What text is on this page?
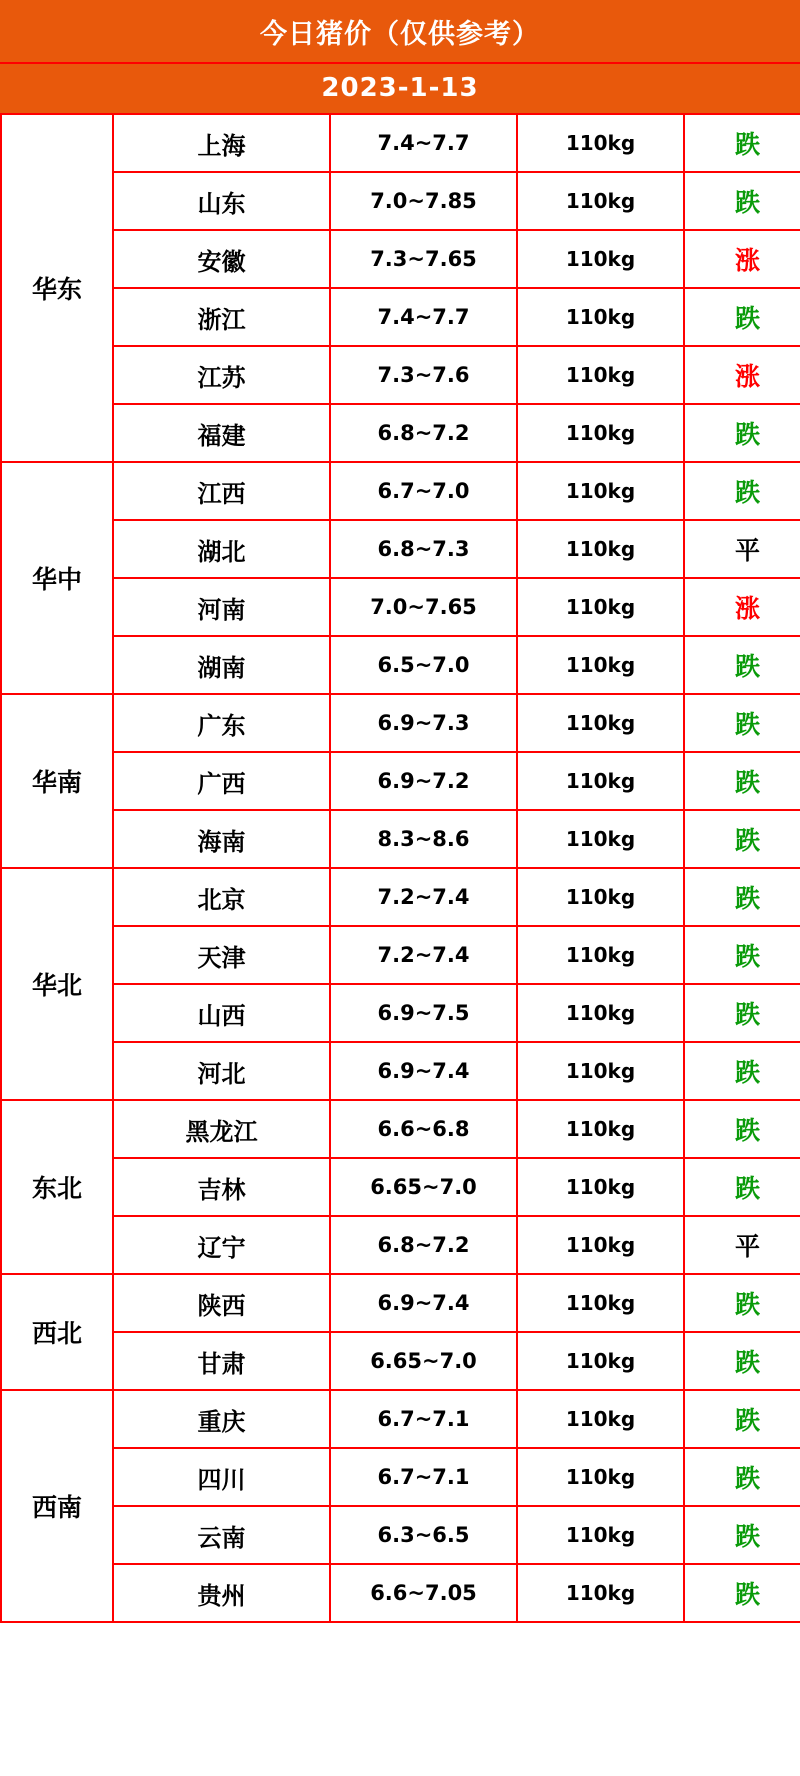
今日猪价（仅供参考）
2023-1-13
华东	上海	7.4~7.7	110kg	跌
	山东	7.0~7.85	110kg	跌
	安徽	7.3~7.65	110kg	涨
	浙江	7.4~7.7	110kg	跌
	江苏	7.3~7.6	110kg	涨
	福建	6.8~7.2	110kg	跌
华中	江西	6.7~7.0	110kg	跌
	湖北	6.8~7.3	110kg	平
	河南	7.0~7.65	110kg	涨
	湖南	6.5~7.0	110kg	跌
华南	广东	6.9~7.3	110kg	跌
	广西	6.9~7.2	110kg	跌
	海南	8.3~8.6	110kg	跌
华北	北京	7.2~7.4	110kg	跌
	天津	7.2~7.4	110kg	跌
	山西	6.9~7.5	110kg	跌
	河北	6.9~7.4	110kg	跌
东北	黑龙江	6.6~6.8	110kg	跌
	吉林	6.65~7.0	110kg	跌
	辽宁	6.8~7.2	110kg	平
西北	陕西	6.9~7.4	110kg	跌
	甘肃	6.65~7.0	110kg	跌
西南	重庆	6.7~7.1	110kg	跌
	四川	6.7~7.1	110kg	跌
	云南	6.3~6.5	110kg	跌
	贵州	6.6~7.05	110kg	跌
